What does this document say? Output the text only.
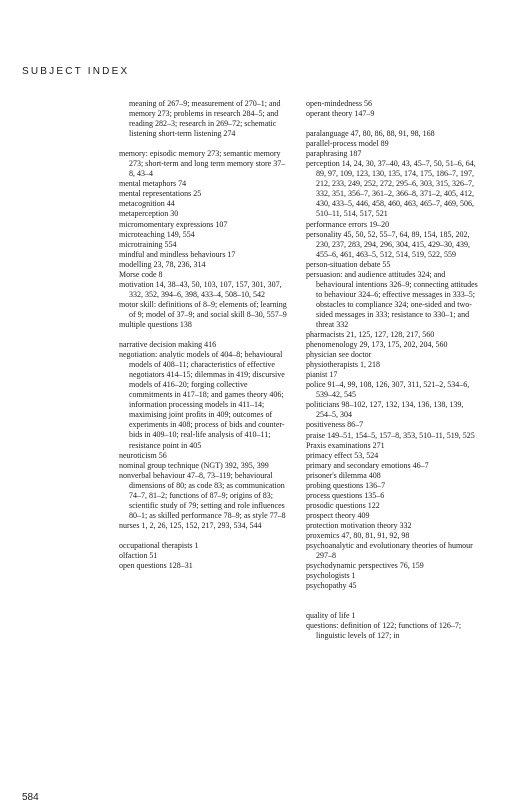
SUBJECT INDEX

meaning of 267–9; measurement of 270–1; and memory 273; problems in research 284–5; and reading 282–3; research in 269–72; schematic listening short-term listening 274

memory: episodic memory 273; semantic memory 273; short-term and long term memory store 37–8, 43–4

mental metaphors 74

mental representations 25

metacognition 44

metaperception 30

micromomentary expressions 107

microteaching 149, 554

microtraining 554

mindful and mindless behaviours 17

modelling 23, 78, 236, 314

Morse code 8

motivation 14, 38–43, 50, 103, 107, 157, 301, 307, 332, 352, 394–6, 398, 433–4, 508–10, 542

motor skill: definitions of 8–9; elements of; learning of 9; model of 37–9; and social skill 8–30, 557–9

multiple questions 138

narrative decision making 416

negotiation: analytic models of 404–8; behavioural models of 408–11; characteristics of effective negotiators 414–15; dilemmas in 419; discursive models of 416–20; forging collective commitments in 417–18; and games theory 406; information processing models in 411–14; maximising joint profits in 409; outcomes of experiments in 408; process of bids and counter-bids in 409–10; real-life analysis of 410–11; resistance point in 405

neuroticism 56

nominal group technique (NGT) 392, 395, 399

nonverbal behaviour 47–8, 73–119; behavioural dimensions of 80; as code 83; as communication 74–7, 81–2; functions of 87–9; origins of 83; scientific study of 79; setting and role influences 80–1; as skilled performance 78–9; as style 77–8

nurses 1, 2, 26, 125, 152, 217, 293, 534, 544

occupational therapists 1

olfaction 51

open questions 128–31

open-mindedness 56

operant theory 147–9

paralanguage 47, 80, 86, 88, 91, 98, 168

parallel-process model 89

paraphrasing 187

perception 14, 24, 30, 37–40, 43, 45–7, 50, 51–6, 64, 89, 97, 109, 123, 130, 135, 174, 175, 186–7, 197, 212, 233, 249, 252, 272, 295–6, 303, 315, 326–7, 332, 351, 356–7, 361–2, 366–8, 371–2, 405, 412, 430, 433–5, 446, 458, 460, 463, 465–7, 469, 506, 510–11, 514, 517, 521

performance errors 19–20

personality 45, 50, 52, 55–7, 64, 89, 154, 185, 202, 230, 237, 283, 294, 296, 304, 415, 429–30, 439, 455–6, 461, 463–5, 512, 514, 519, 522, 559

person-situation debate 55

persuasion: and audience attitudes 324; and behavioural intentions 326–9; connecting attitudes to behaviour 324–6; effective messages in 333–5; obstacles to compliance 324; one-sided and two-sided messages in 333; resistance to 330–1; and threat 332

pharmacists 21, 125, 127, 128, 217, 560

phenomenology 29, 173, 175, 202, 204, 560

physician see doctor

physiotherapists 1, 218

pianist 17

police 91–4, 99, 108, 126, 307, 311, 521–2, 534–6, 539–42, 545

politicians 98–102, 127, 132, 134, 136, 138, 139, 254–5, 304

positiveness 86–7

praise 149–51, 154–5, 157–8, 353, 510–11, 519, 525

Praxis examinations 271

primacy effect 53, 524

primary and secondary emotions 46–7

prisoner's dilemma 408

probing questions 136–7

process questions 135–6

prosodic questions 122

prospect theory 409

protection motivation theory 332

proxemics 47, 80, 81, 91, 92, 98

psychoanalytic and evolutionary theories of humour 297–8

psychodynamic perspectives 76, 159

psychologists 1

psychopathy 45

quality of life 1

questions: definition of 122; functions of 126–7; linguistic levels of 127; in

584
